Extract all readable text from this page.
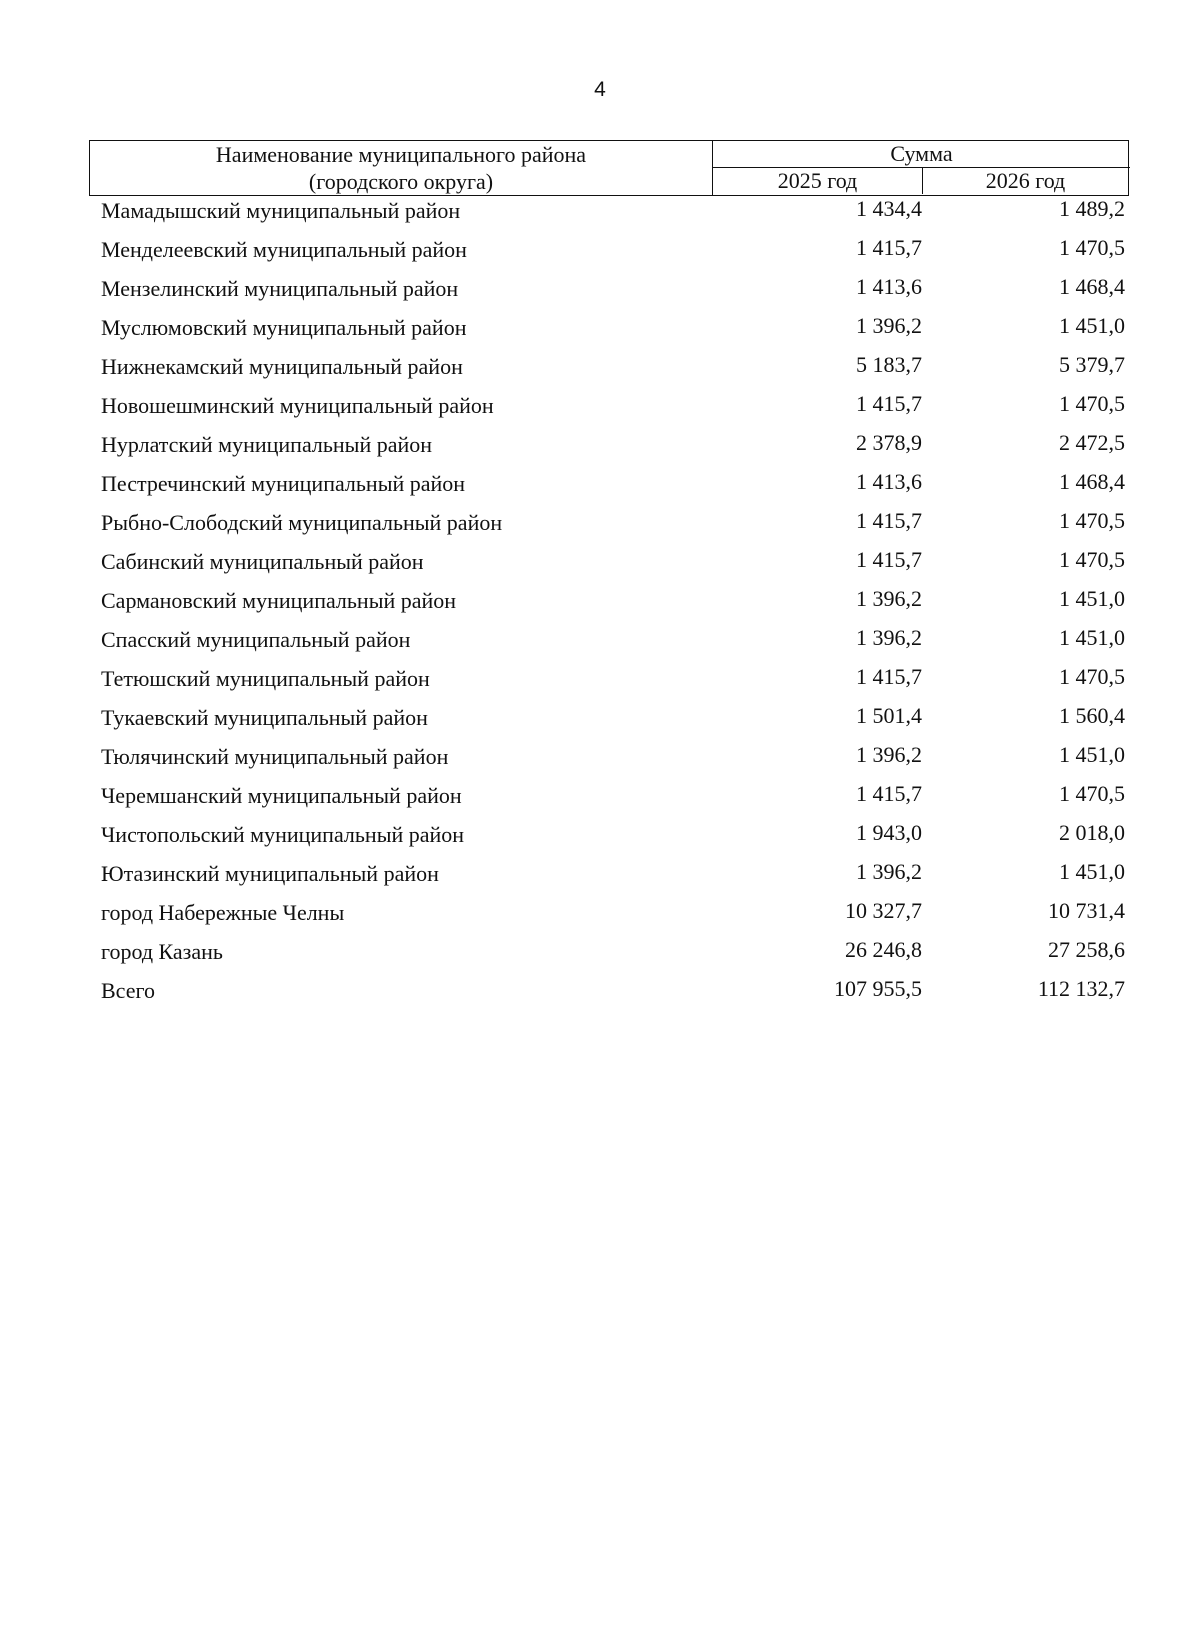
4
Наименование муниципального района
(городского округа)
Сумма
2025 год	2026 год
Мамадышский муниципальный район	1 434,4	1 489,2
Менделеевский муниципальный район	1 415,7	1 470,5
Мензелинский муниципальный район	1 413,6	1 468,4
Муслюмовский муниципальный район	1 396,2	1 451,0
Нижнекамский муниципальный район	5 183,7	5 379,7
Новошешминский муниципальный район	1 415,7	1 470,5
Нурлатский муниципальный район	2 378,9	2 472,5
Пестречинский муниципальный район	1 413,6	1 468,4
Рыбно-Слободский муниципальный район	1 415,7	1 470,5
Сабинский муниципальный район	1 415,7	1 470,5
Сармановский муниципальный район	1 396,2	1 451,0
Спасский муниципальный район	1 396,2	1 451,0
Тетюшский муниципальный район	1 415,7	1 470,5
Тукаевский муниципальный район	1 501,4	1 560,4
Тюлячинский муниципальный район	1 396,2	1 451,0
Черемшанский муниципальный район	1 415,7	1 470,5
Чистопольский муниципальный район	1 943,0	2 018,0
Ютазинский муниципальный район	1 396,2	1 451,0
город Набережные Челны	10 327,7	10 731,4
город Казань	26 246,8	27 258,6
Всего	107 955,5	112 132,7
